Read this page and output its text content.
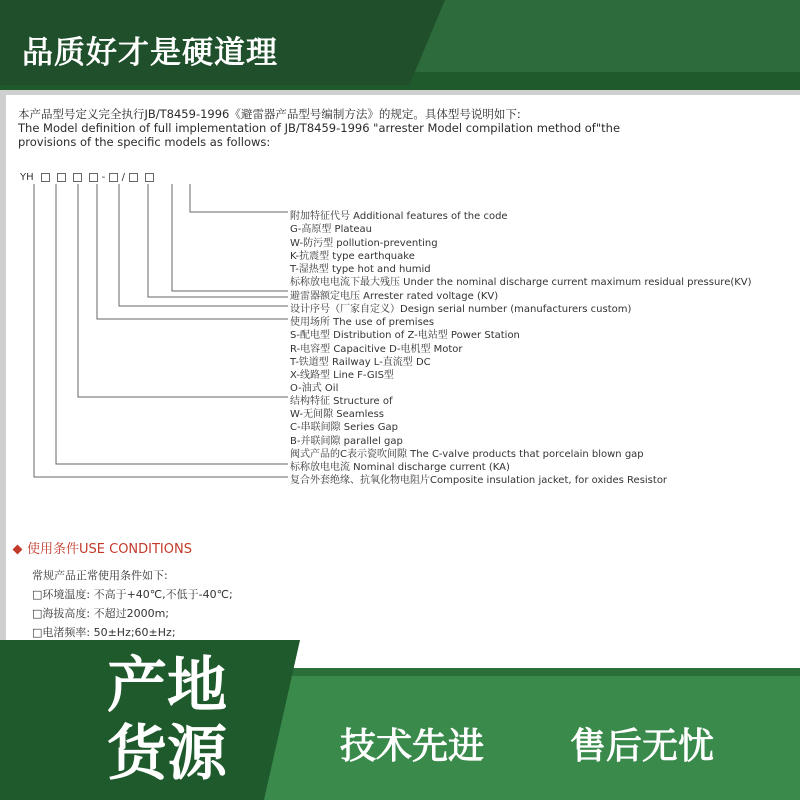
品质好才是硬道理
本产品型号定义完全执行JB/T8459-1996《避雷器产品型号编制方法》的规定。具体型号说明如下:
The Model definition of full implementation of JB/T8459-1996 "arrester Model compilation method of"the
provisions of the specific models as follows:
YH	- /
附加特征代号 Additional features of the code
G-高原型 Plateau
W-防污型 pollution-preventing
K-抗震型 type earthquake
T-湿热型 type hot and humid
标称放电电流下最大残压 Under the nominal discharge current maximum residual pressure(KV)
避雷器额定电压 Arrester rated voltage (KV)
设计序号（厂家自定义）Design serial number (manufacturers custom)
使用场所 The use of premises
S-配电型 Distribution of Z-电站型 Power Station
R-电容型 Capacitive D-电机型 Motor
T-铁道型 Railway L-直流型 DC
X-线路型 Line F-GIS型
O-油式 Oil
结构特征 Structure of
W-无间隙 Seamless
C-串联间隙 Series Gap
B-并联间隙 parallel gap
阀式产品的C表示瓷吹间隙 The C-valve products that porcelain blown gap
标称放电电流 Nominal discharge current (KA)
复合外套绝缘、抗氧化物电阻片Composite insulation jacket, for oxides Resistor
使用条件USE CONDITIONS
常规产品正常使用条件如下:
□环境温度: 不高于+40℃,不低于-40℃;
□海拔高度: 不超过2000m;
□电渚频率: 50±Hz;60±Hz;
产地
货源	技术先进 售后无忧
